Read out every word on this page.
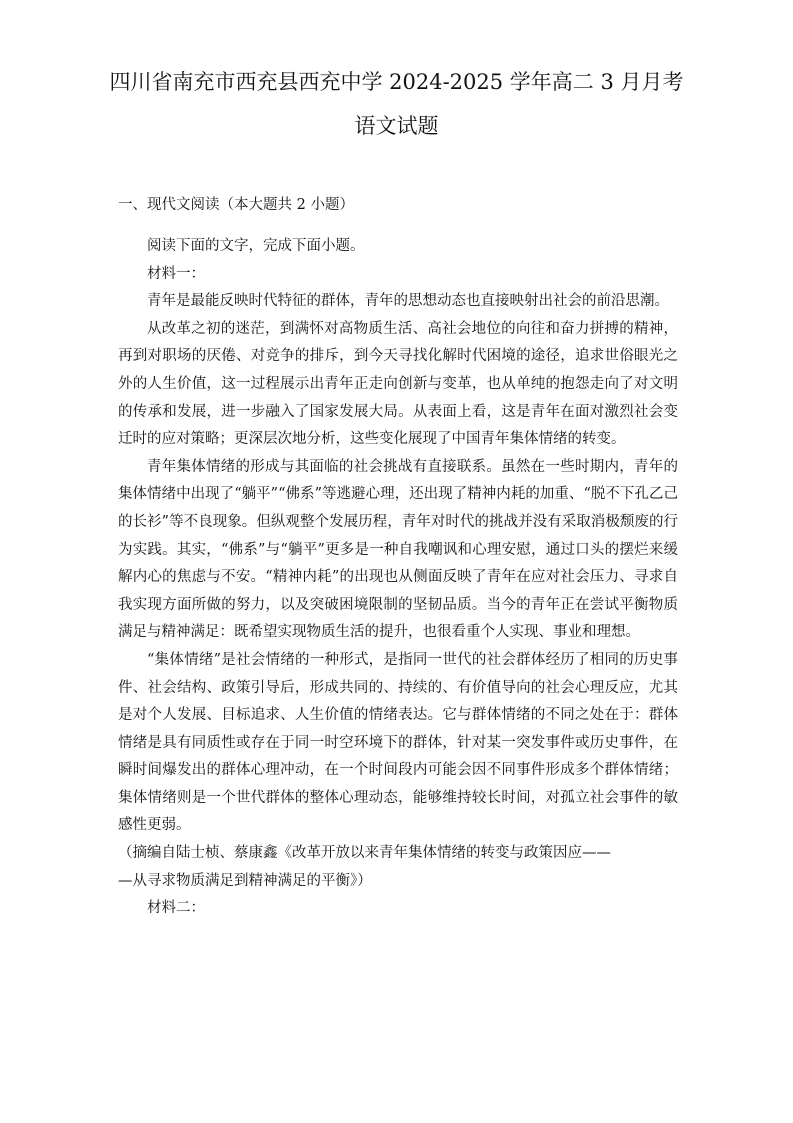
四川省南充市西充县西充中学 2024-2025 学年高二 3 月月考
语文试题
一、现代文阅读（本大题共 2 小题）

阅读下面的文字，完成下面小题。

材料一：

青年是最能反映时代特征的群体，青年的思想动态也直接映射出社会的前沿思潮。

从改革之初的迷茫，到满怀对高物质生活、高社会地位的向往和奋力拼搏的精神，再到对职场的厌倦、对竞争的排斥，到今天寻找化解时代困境的途径，追求世俗眼光之外的人生价值，这一过程展示出青年正走向创新与变革，也从单纯的抱怨走向了对文明的传承和发展，进一步融入了国家发展大局。从表面上看，这是青年在面对激烈社会变迁时的应对策略；更深层次地分析，这些变化展现了中国青年集体情绪的转变。

青年集体情绪的形成与其面临的社会挑战有直接联系。虽然在一些时期内，青年的集体情绪中出现了“躺平”“佛系”等逃避心理，还出现了精神内耗的加重、“脱不下孔乙己的长衫”等不良现象。但纵观整个发展历程，青年对时代的挑战并没有采取消极颓废的行为实践。其实，“佛系”与“躺平”更多是一种自我嘲讽和心理安慰，通过口头的摆烂来缓解内心的焦虑与不安。“精神内耗”的出现也从侧面反映了青年在应对社会压力、寻求自我实现方面所做的努力，以及突破困境限制的坚韧品质。当今的青年正在尝试平衡物质满足与精神满足：既希望实现物质生活的提升，也很看重个人实现、事业和理想。

“集体情绪”是社会情绪的一种形式，是指同一世代的社会群体经历了相同的历史事件、社会结构、政策引导后，形成共同的、持续的、有价值导向的社会心理反应，尤其是对个人发展、目标追求、人生价值的情绪表达。它与群体情绪的不同之处在于：群体情绪是具有同质性或存在于同一时空环境下的群体，针对某一突发事件或历史事件，在瞬时间爆发出的群体心理冲动，在一个时间段内可能会因不同事件形成多个群体情绪；集体情绪则是一个世代群体的整体心理动态，能够维持较长时间，对孤立社会事件的敏感性更弱。

（摘编自陆士桢、蔡康鑫《改革开放以来青年集体情绪的转变与政策因应——

—从寻求物质满足到精神满足的平衡》）

材料二：
